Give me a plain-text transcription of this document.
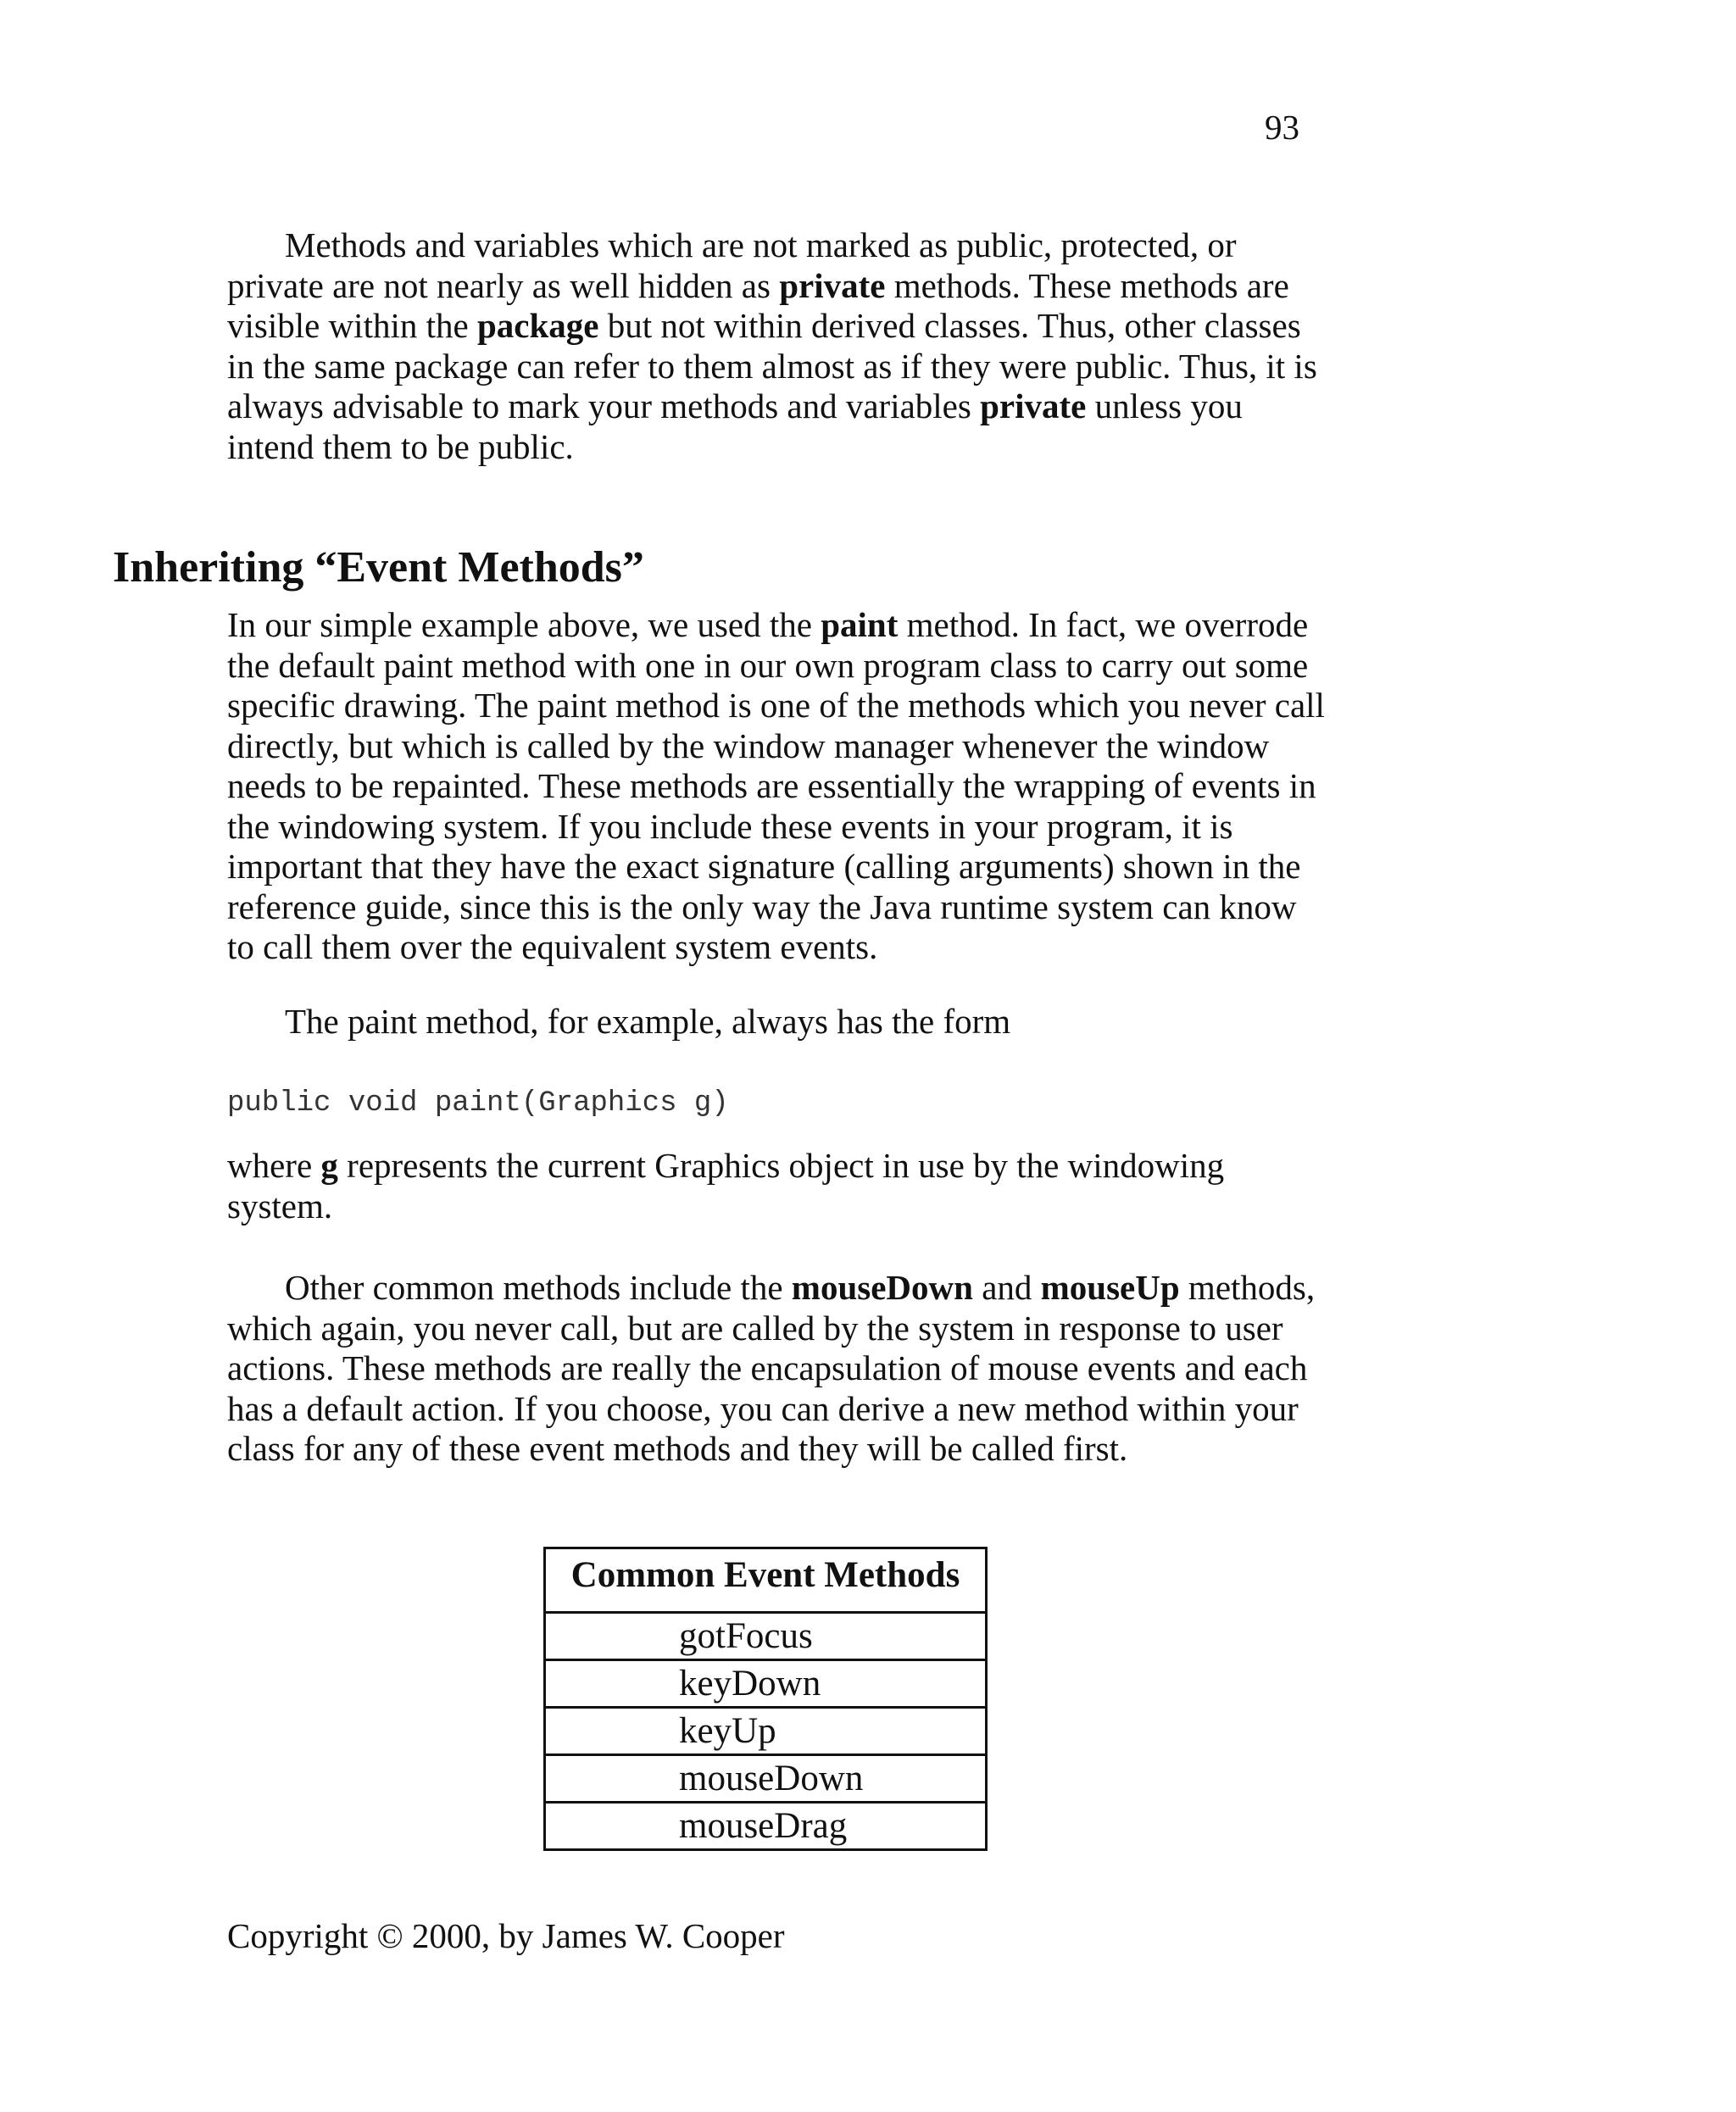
93

Methods and variables which are not marked as public, protected, or private are not nearly as well hidden as private methods. These methods are visible within the package but not within derived classes. Thus, other classes in the same package can refer to them almost as if they were public. Thus, it is always advisable to mark your methods and variables private unless you intend them to be public.

Inheriting “Event Methods”

In our simple example above, we used the paint method. In fact, we overrode the default paint method with one in our own program class to carry out some specific drawing. The paint method is one of the methods which you never call directly, but which is called by the window manager whenever the window needs to be repainted. These methods are essentially the wrapping of events in the windowing system. If you include these events in your program, it is important that they have the exact signature (calling arguments) shown in the reference guide, since this is the only way the Java runtime system can know to call them over the equivalent system events.

The paint method, for example, always has the form

public void paint(Graphics g)

where g represents the current Graphics object in use by the windowing system.

Other common methods include the mouseDown and mouseUp methods, which again, you never call, but are called by the system in response to user actions. These methods are really the encapsulation of mouse events and each has a default action. If you choose, you can derive a new method within your class for any of these event methods and they will be called first.

Common Event Methods
gotFocus
keyDown
keyUp
mouseDown
mouseDrag

Copyright © 2000, by James W. Cooper
